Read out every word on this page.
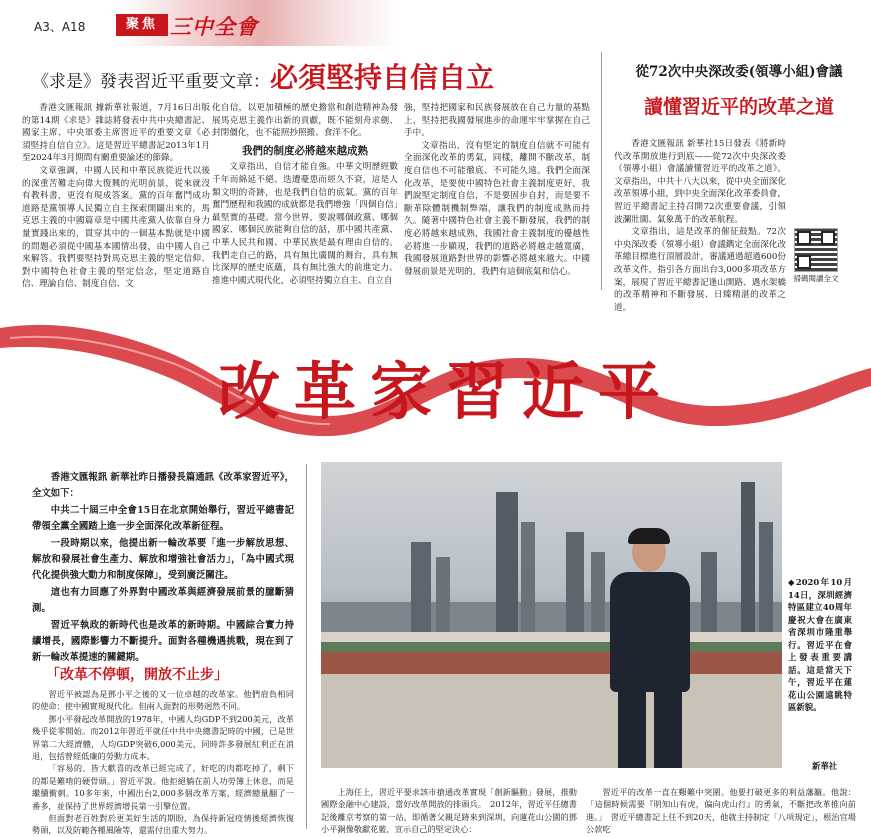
A3、A18	聚焦 三中全會
《求是》發表習近平重要文章：必須堅持自信自立

香港文匯報訊 據新華社報道，7月16日出版的第14期《求是》雜誌將發表中共中央總書記、國家主席、中央軍委主席習近平的重要文章《必須堅持自信自立》。這是習近平總書記2013年1月至2024年3月期間有關重要論述的節錄。

文章強調，中國人民和中華民族從近代以後的深重苦難走向偉大復興的光明前景，從來就沒有教科書，更沒有現成答案。黨的百年奮鬥成功道路是黨領導人民獨立自主探索開闢出來的，馬克思主義的中國篇章是中國共產黨人依靠自身力量實踐出來的，貫穿其中的一個基本點就是中國的問題必須從中國基本國情出發，由中國人自己來解答。我們要堅持對馬克思主義的堅定信仰、對中國特色社會主義的堅定信念，堅定道路自信、理論自信、制度自信、文

化自信，以更加積極的歷史擔當和創造精神為發展馬克思主義作出新的貢獻，既不能刻舟求劍、封閉僵化，也不能照抄照搬、食洋不化。

我們的制度必將越來越成熟

文章指出，自信才能自強。中華文明歷經數千年而綿延不絕、迭遭憂患而經久不衰，這是人類文明的奇跡，也是我們自信的底氣。黨的百年奮鬥歷程和我國的成就都是我們增強「四個自信」最堅實的基礎。當今世界，要說哪個政黨、哪個國家、哪個民族能夠自信的話，那中國共產黨、中華人民共和國、中華民族是最有理由自信的。我們走自己的路，具有無比廣闊的舞台，具有無比深厚的歷史底蘊，具有無比強大的前進定力。推進中國式現代化，必須堅持獨立自主、自立自

強，堅持把國家和民族發展放在自己力量的基點上，堅持把我國發展進步的命運牢牢掌握在自己手中。

文章指出，沒有堅定的制度自信就不可能有全面深化改革的勇氣，同樣，離開不斷改革，制度自信也不可能徹底、不可能久遠。我們全面深化改革，是要使中國特色社會主義制度更好，我們說堅定制度自信，不是要固步自封，而是要不斷革除體制機制弊端，讓我們的制度成熟而持久。隨著中國特色社會主義不斷發展，我們的制度必將越來越成熟，我國社會主義制度的優越性必將進一步顯現，我們的道路必將越走越寬廣，我國發展道路對世界的影響必將越來越大。中國發展前景是光明的，我們有這個底氣和信心。

從72次中央深改委(領導小組)會議
讀懂習近平的改革之道

香港文匯報訊 新華社15日發表《將新時代改革開放進行到底——從72次中央深改委（領導小組）會議讀懂習近平的改革之道》。文章指出，中共十八大以來，從中央全面深化改革領導小組，到中央全面深化改革委員會，習近平總書記主持召開72次重要會議，引領波瀾壯闊、氣象萬千的改革航程。

文章指出，這是改革的催征鼓點。72次中央深改委（領導小組）會議鐫定全面深化改革總目標進行頂層設計，審議通過超過600份改革文件，指引各方面出台3,000多項改革方案，展現了習近平總書記逢山開路、遇水架橋的改革精神和不斷發展、日臻精湛的改革之道。

掃碼閱讀全文
改革家習近平

香港文匯報訊 新華社昨日播發長篇通訊《改革家習近平》，全文如下：

中共二十屆三中全會15日在北京開始舉行，習近平總書記帶領全黨全國踏上進一步全面深化改革新征程。

一段時期以來，他提出新一輪改革要「進一步解放思想、解放和發展社會生產力、解放和增強社會活力」，「為中國式現代化提供強大動力和制度保障」，受到廣泛關注。

這也有力回應了外界對中國改革與經濟發展前景的臆斷猜測。

習近平執政的新時代也是改革的新時期。中國綜合實力持續增長，國際影響力不斷提升。面對各種機遇挑戰，現在到了新一輪改革提速的關鍵期。

「改革不停頓，開放不止步」

習近平被認為是鄧小平之後的又一位卓越的改革家。他們肩負相同的使命：使中國實現現代化。但兩人面對的形勢迥然不同。

鄧小平發起改革開放的1978年，中國人均GDP不到200美元，改革幾乎從零開始。而2012年習近平就任中共中央總書記時的中國，已是世界第二大經濟體，人均GDP突破6,000美元，同時許多發展紅利正在消退，包括曾經低廉的勞動力成本。

「容易的、皆大歡喜的改革已經完成了，好吃的肉都吃掉了，剩下的都是難啃的硬骨頭。」習近平說。他拒絕躺在前人功勞簿上休息，而是繼續衝刺。10多年來，中國出台2,000多個改革方案，經濟總量翻了一番多，並保持了世界經濟增長第一引擎位置。

但面對老百姓對於更美好生活的期盼，為保持新冠疫情後經濟恢復勢頭，以及防範各種風險等，還需付出重大努力。

◆2020年10月14日，深圳經濟特區建立40周年慶祝大會在廣東省深圳市隆重舉行。習近平在會上發表重要講話。這是當天下午，習近平在蓮花山公園遠眺特區新貌。
新華社

上海任上，習近平要求該市搶通改革實現「創新驅動」發展，推動國際金融中心建設，當好改革開放的排頭兵。　2012年，習近平任總書記後離京考察的第一站，即循著父親足跡來到深圳，向蓮花山公園的鄧小平銅像敬獻花籃，宣示自己的堅定決心：

習近平的改革一直在艱難中突圍。他要打破更多的利益藩籬。他說：「這個時候需要『明知山有虎，偏向虎山行』的勇氣，不斷把改革推向前進。」　習近平總書記上任不到20天，他就主持制定「八項規定」，根治官場公款吃
